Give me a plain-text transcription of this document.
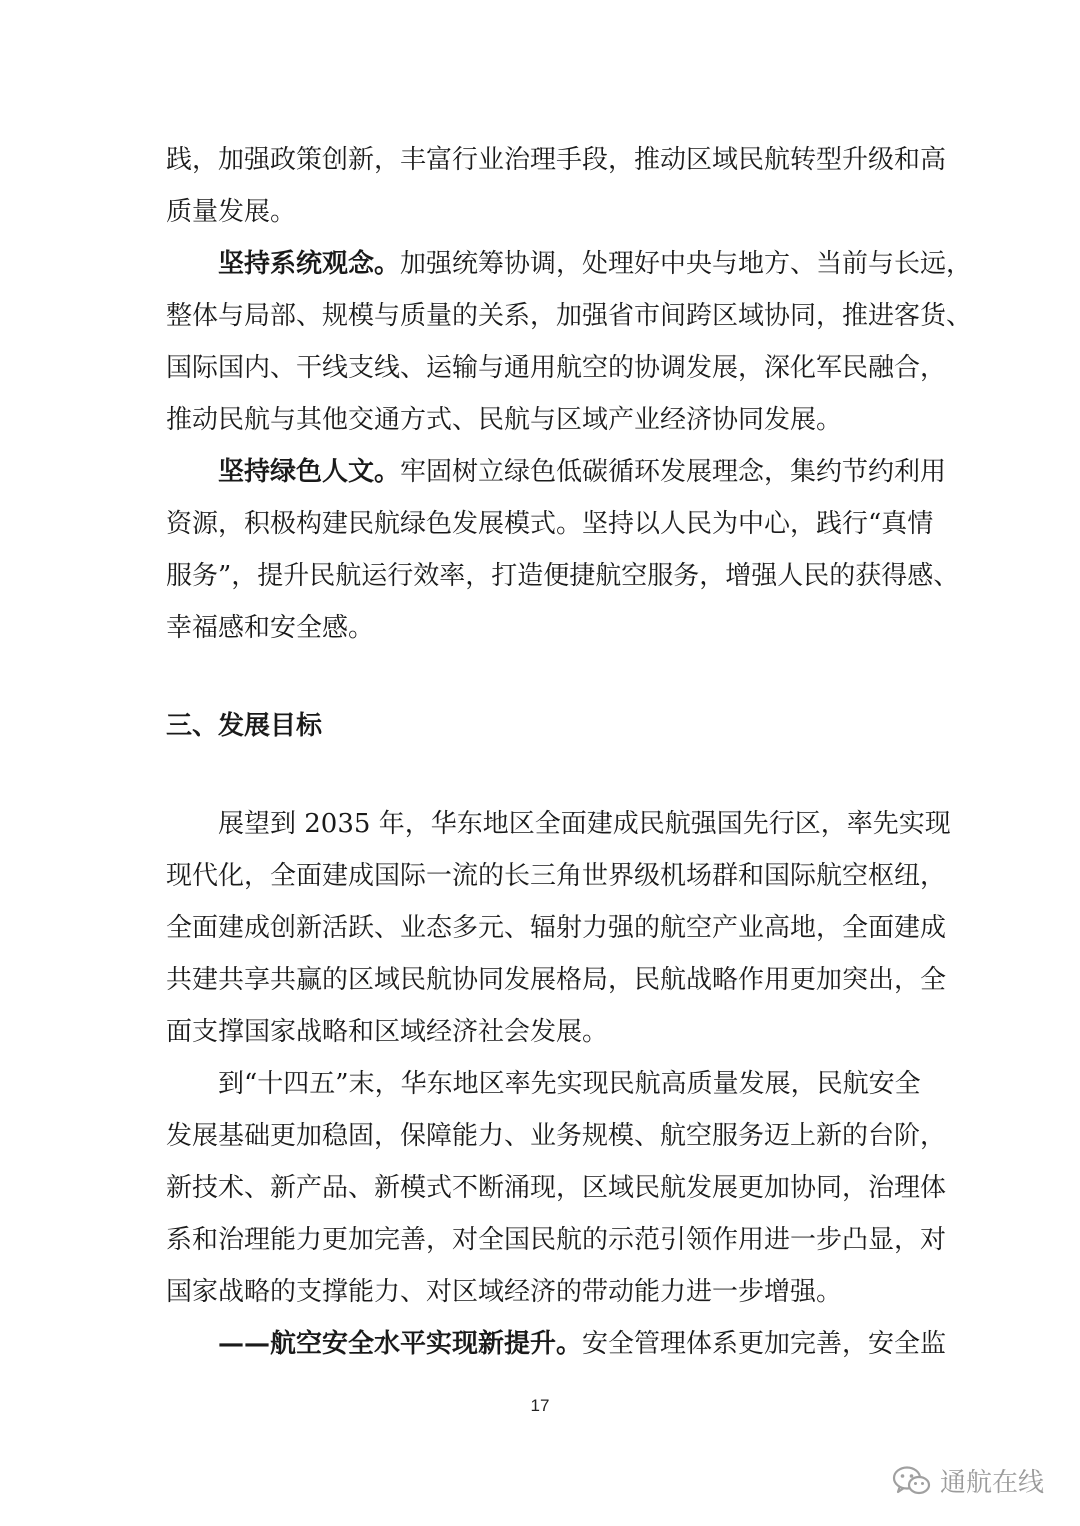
践，加强政策创新，丰富行业治理手段，推动区域民航转型升级和高
质量发展。
坚持系统观念。加强统筹协调，处理好中央与地方、当前与长远，
整体与局部、规模与质量的关系，加强省市间跨区域协同，推进客货、
国际国内、干线支线、运输与通用航空的协调发展，深化军民融合，
推动民航与其他交通方式、民航与区域产业经济协同发展。
坚持绿色人文。牢固树立绿色低碳循环发展理念，集约节约利用
资源，积极构建民航绿色发展模式。坚持以人民为中心，践行“真情
服务”，提升民航运行效率，打造便捷航空服务，增强人民的获得感、
幸福感和安全感。
三、发展目标
展望到 2035 年，华东地区全面建成民航强国先行区，率先实现
现代化，全面建成国际一流的长三角世界级机场群和国际航空枢纽，
全面建成创新活跃、业态多元、辐射力强的航空产业高地，全面建成
共建共享共赢的区域民航协同发展格局，民航战略作用更加突出，全
面支撑国家战略和区域经济社会发展。
到“十四五”末，华东地区率先实现民航高质量发展，民航安全
发展基础更加稳固，保障能力、业务规模、航空服务迈上新的台阶，
新技术、新产品、新模式不断涌现，区域民航发展更加协同，治理体
系和治理能力更加完善，对全国民航的示范引领作用进一步凸显，对
国家战略的支撑能力、对区域经济的带动能力进一步增强。
——航空安全水平实现新提升。安全管理体系更加完善，安全监
17
通航在线
